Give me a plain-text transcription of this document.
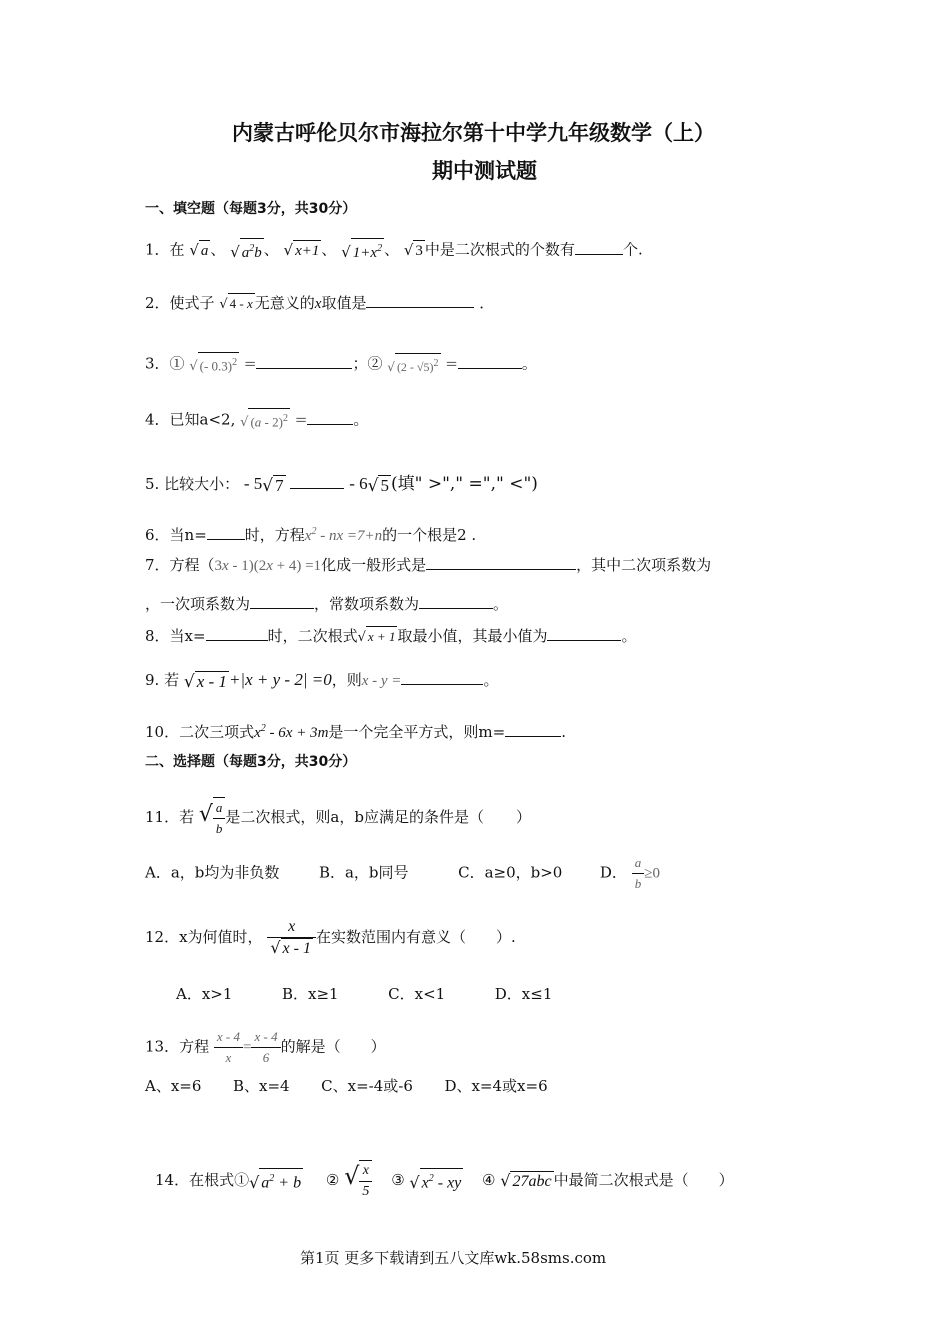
内蒙古呼伦贝尔市海拉尔第十中学九年级数学（上）
期中测试题
一、填空题（每题3分，共30分）
1．在 √ a 、 √ $a^2b$ 、 √ x+1 、 √ $1+x^2$ 、 √ 3 中是二次根式的个数有	个.
2．使式子 √ 4 - x 无意义的x取值是	．
3．① √ (- 0.3)$^2$ =	；② √ (2 - √5)$^2$ =	。
4．已知a<2, √ (a - 2)$^2$ =	。
5. 比较大小： - 5√ 7	- 6√ 5 (填" >"," ="," <")
6．当n=	时，方程$x^2$ - nx =7+n的一个根是2 .
7．方程（3x - 1)(2x + 4) =1化成一般形式是	，其中二次项系数为
，一次项系数为	，常数项系数为	。
8．当x=	时，二次根式√ x + 1 取最小值，其最小值为	。
9. 若 √ x - 1 +|x + y - 2| =0，则x - y =	。
10．二次三项式$x^2 - 6x + 3m$是一个完全平方式，则m=	.
二、选择题（每题3分，共30分）
11．若 √ $\frac{a}{b}$ 是二次根式，则a，b应满足的条件是（ ）
A．a，b均为非负数	B．a，b同号	C．a≥0，b>0	D． $\frac{a}{b} \ge 0$
12．x为何值时， $\frac{x}{√ x - 1}$ 在实数范围内有意义（ ）.
A．x>1	B．x≥1	C．x<1	D．x≤1
13．方程 $\frac{x - 4}{x} = \frac{x - 4}{6}$ 的解是（ ）
A、x=6 B、x=4 C、x=-4或-6 D、x=4或x=6
14．在根式①√ $a^2 + b$ ② √ $\frac{x}{5}$ ③ √ $x^2$ - xy ④ √ 27abc 中最简二次根式是（ ）
第1页 更多下载请到五八文库wk.58sms.com
